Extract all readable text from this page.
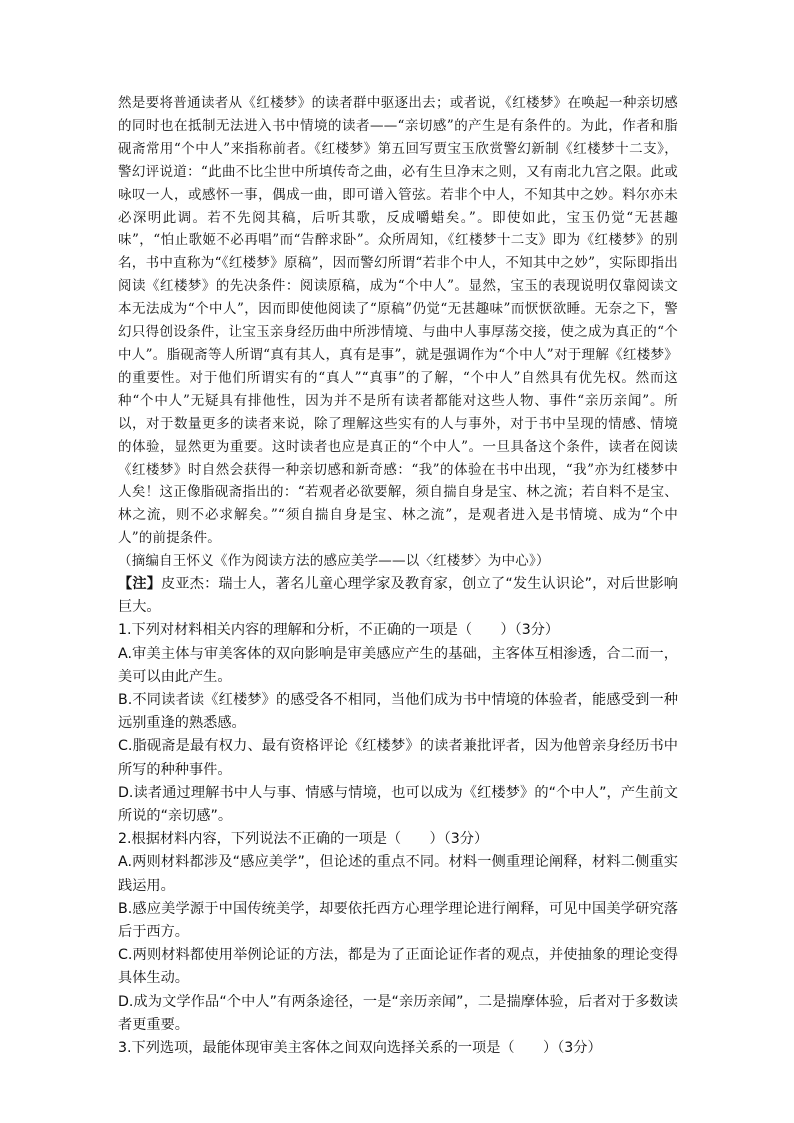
然是要将普通读者从《红楼梦》的读者群中驱逐出去；或者说，《红楼梦》在唤起一种亲切感的同时也在抵制无法进入书中情境的读者——“亲切感”的产生是有条件的。为此，作者和脂砚斋常用“个中人”来指称前者。《红楼梦》第五回写贾宝玉欣赏警幻新制《红楼梦十二支》，警幻评说道：“此曲不比尘世中所填传奇之曲，必有生旦净末之则，又有南北九宫之限。此或咏叹一人，或感怀一事，偶成一曲，即可谱入管弦。若非个中人，不知其中之妙。料尔亦未必深明此调。若不先阅其稿，后听其歌，反成嚼蜡矣。”。即使如此，宝玉仍觉“无甚趣味”，“怕止歌姬不必再唱”而“告醉求卧”。众所周知，《红楼梦十二支》即为《红楼梦》的别名，书中直称为“《红楼梦》原稿”，因而警幻所谓“若非个中人，不知其中之妙”，实际即指出阅读《红楼梦》的先决条件：阅读原稿，成为“个中人”。显然，宝玉的表现说明仅靠阅读文本无法成为“个中人”，因而即使他阅读了“原稿”仍觉“无甚趣味”而恹恹欲睡。无奈之下，警幻只得创设条件，让宝玉亲身经历曲中所涉情境、与曲中人事厚荡交接，使之成为真正的“个中人”。脂砚斋等人所谓“真有其人，真有是事”，就是强调作为“个中人”对于理解《红楼梦》的重要性。对于他们所谓实有的“真人”“真事”的了解，“个中人”自然具有优先权。然而这种“个中人”无疑具有排他性，因为并不是所有读者都能对这些人物、事件“亲历亲闻”。所以，对于数量更多的读者来说，除了理解这些实有的人与事外，对于书中呈现的情感、情境的体验，显然更为重要。这时读者也应是真正的“个中人”。一旦具备这个条件，读者在阅读《红楼梦》时自然会获得一种亲切感和新奇感：“我”的体验在书中出现，“我”亦为红楼梦中人矣！这正像脂砚斋指出的：“若观者必欲要解，须自揣自身是宝、林之流；若自料不是宝、林之流，则不必求解矣。”“须自揣自身是宝、林之流”，是观者进入是书情境、成为“个中人”的前提条件。

（摘编自王怀义《作为阅读方法的感应美学——以〈红楼梦〉为中心》）

【注】皮亚杰：瑞士人，著名儿童心理学家及教育家，创立了“发生认识论”，对后世影响巨大。

1.下列对材料相关内容的理解和分析，不正确的一项是（　　）（3分）

A.审美主体与审美客体的双向影响是审美感应产生的基础，主客体互相渗透，合二而一，美可以由此产生。

B.不同读者读《红楼梦》的感受各不相同，当他们成为书中情境的体验者，能感受到一种远别重逢的熟悉感。

C.脂砚斋是最有权力、最有资格评论《红楼梦》的读者兼批评者，因为他曾亲身经历书中所写的种种事件。

D.读者通过理解书中人与事、情感与情境，也可以成为《红楼梦》的“个中人”，产生前文所说的“亲切感”。

2.根据材料内容，下列说法不正确的一项是（　　）（3分）

A.两则材料都涉及“感应美学”，但论述的重点不同。材料一侧重理论阐释，材料二侧重实践运用。

B.感应美学源于中国传统美学，却要依托西方心理学理论进行阐释，可见中国美学研究落后于西方。

C.两则材料都使用举例论证的方法，都是为了正面论证作者的观点，并使抽象的理论变得具体生动。

D.成为文学作品“个中人”有两条途径，一是“亲历亲闻”，二是揣摩体验，后者对于多数读者更重要。

3.下列选项，最能体现审美主客体之间双向选择关系的一项是（　　）（3分）
